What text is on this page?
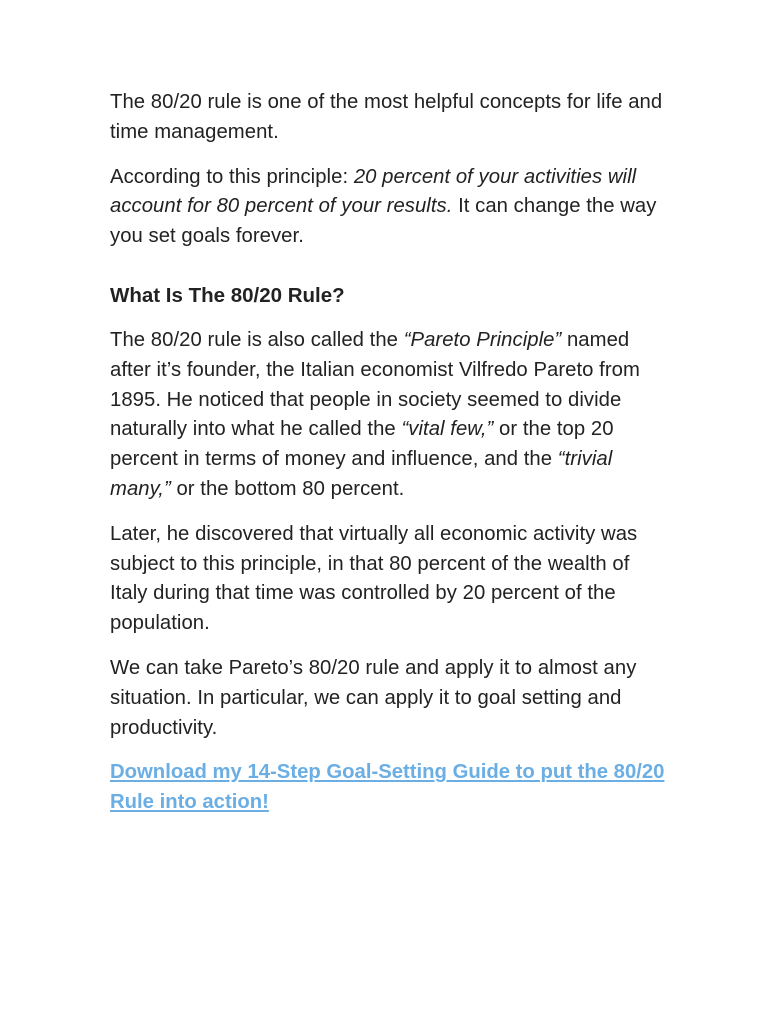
The 80/20 rule is one of the most helpful concepts for life and time management.

According to this principle: 20 percent of your activities will account for 80 percent of your results. It can change the way you set goals forever.

What Is The 80/20 Rule?

The 80/20 rule is also called the “Pareto Principle” named after it’s founder, the Italian economist Vilfredo Pareto from 1895. He noticed that people in society seemed to divide naturally into what he called the “vital few,” or the top 20 percent in terms of money and influence, and the “trivial many,” or the bottom 80 percent.

Later, he discovered that virtually all economic activity was subject to this principle, in that 80 percent of the wealth of Italy during that time was controlled by 20 percent of the population.

We can take Pareto’s 80/20 rule and apply it to almost any situation. In particular, we can apply it to goal setting and productivity.

Download my 14-Step Goal-Setting Guide to put the 80/20 Rule into action!
